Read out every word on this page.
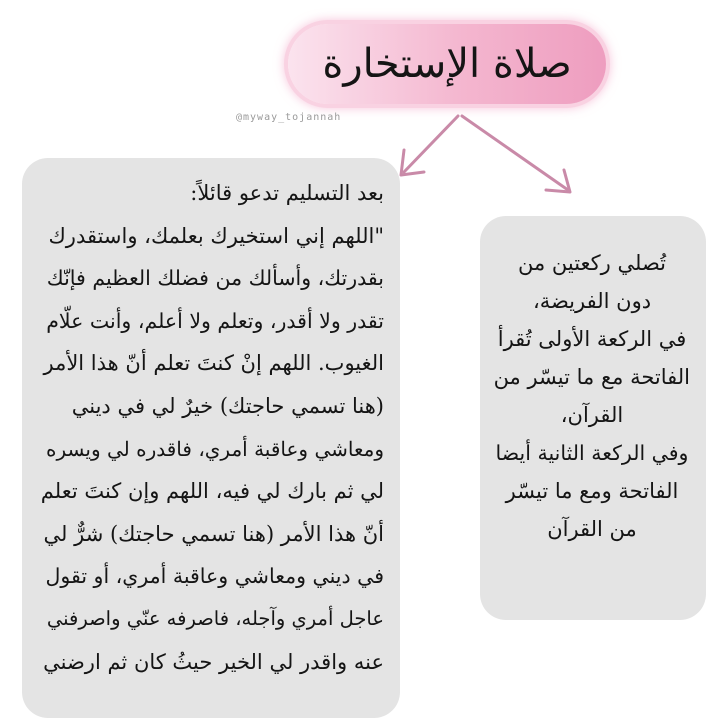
صلاة الإستخارة
@myway_tojannah
بعد التسليم تدعو قائلاً:
"اللهم إني استخيرك بعلمك، واستقدرك
بقدرتك، وأسألك من فضلك العظيم فإنّك
تقدر ولا أقدر، وتعلم ولا أعلم، وأنت علّام
الغيوب. اللهم إنْ كنتَ تعلم أنّ هذا الأمر
(هنا تسمي حاجتك) خيرٌ لي في ديني
ومعاشي وعاقبة أمري، فاقدره لي ويسره
لي ثم بارك لي فيه، اللهم وإن كنتَ تعلم
أنّ هذا الأمر (هنا تسمي حاجتك) شرٌّ لي
في ديني ومعاشي وعاقبة أمري، أو تقول
عاجل أمري وآجله، فاصرفه عنّي واصرفني
عنه واقدر لي الخير حيثُ كان ثم ارضني
تُصلي ركعتين من
دون الفريضة،
في الركعة الأولى تُقرأ
الفاتحة مع ما تيسّر من
القرآن،
وفي الركعة الثانية أيضا
الفاتحة ومع ما تيسّر
من القرآن
